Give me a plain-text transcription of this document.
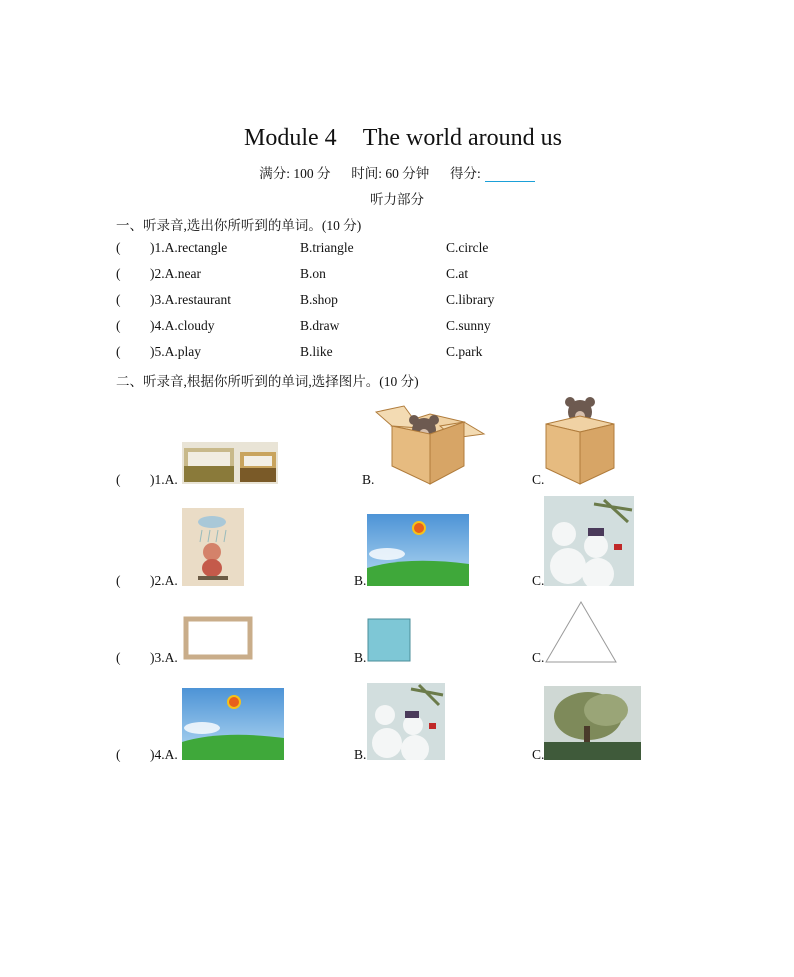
Module 4 The world around us

满分: 100 分 时间: 60 分钟 得分:
听力部分
一、听录音,选出你所听到的单词。(10 分)
( )1.A.rectangle	B.triangle	C.circle
( )2.A.near	B.on	C.at
( )3.A.restaurant	B.shop	C.library
( )4.A.cloudy	B.draw	C.sunny
( )5.A.play	B.like	C.park
二、听录音,根据你所听到的单词,选择图片。(10 分)
( )1.A.	B.	C.
( )2.A.	B.	C.
( )3.A.	B.	C.
( )4.A.	B.	C.
